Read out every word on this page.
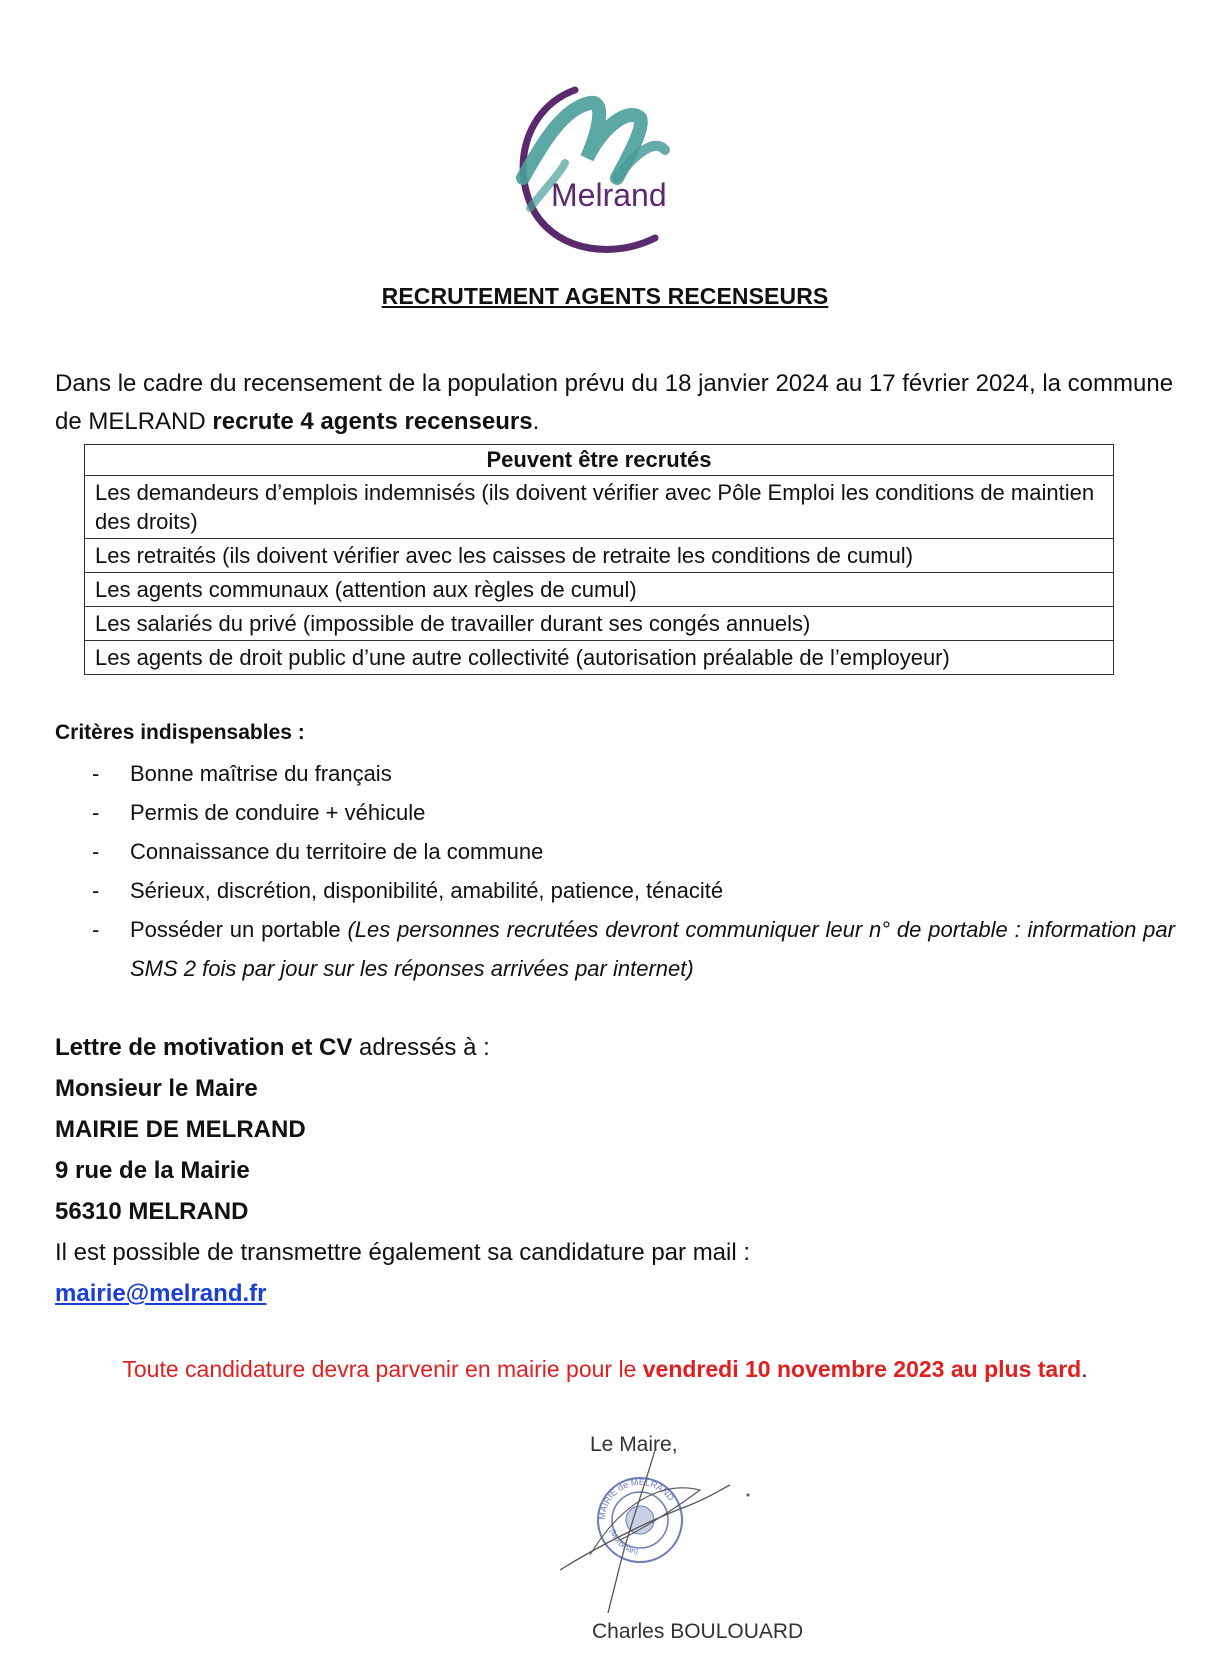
Melrand
RECRUTEMENT AGENTS RECENSEURS
Dans le cadre du recensement de la population prévu du 18 janvier 2024 au 17 février 2024, la commune de MELRAND recrute 4 agents recenseurs.
Peuvent être recrutés
Les demandeurs d’emplois indemnisés (ils doivent vérifier avec Pôle Emploi les conditions de maintien des droits)
Les retraités (ils doivent vérifier avec les caisses de retraite les conditions de cumul)
Les agents communaux (attention aux règles de cumul)
Les salariés du privé (impossible de travailler durant ses congés annuels)
Les agents de droit public d’une autre collectivité (autorisation préalable de l’employeur)
Critères indispensables :
- Bonne maîtrise du français
- Permis de conduire + véhicule
- Connaissance du territoire de la commune
- Sérieux, discrétion, disponibilité, amabilité, patience, ténacité
- Posséder un portable (Les personnes recrutées devront communiquer leur n° de portable : information par SMS 2 fois par jour sur les réponses arrivées par internet)
Lettre de motivation et CV adressés à :
Monsieur le Maire
MAIRIE DE MELRAND
9 rue de la Mairie
56310 MELRAND
Il est possible de transmettre également sa candidature par mail :
mairie@melrand.fr
Toute candidature devra parvenir en mairie pour le vendredi 10 novembre 2023 au plus tard.
Le Maire,
MAIRIE de MELRAND
(Morbihan)
Charles BOULOUARD
